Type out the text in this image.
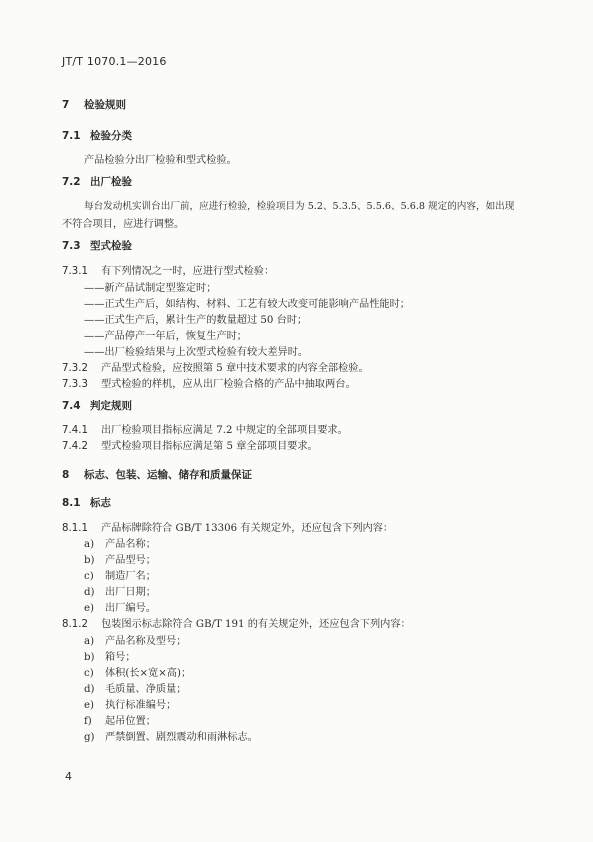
JT/T 1070.1—2016
7 检验规则
7.1 检验分类
产品检验分出厂检验和型式检验。
7.2 出厂检验
每台发动机实训台出厂前，应进行检验，检验项目为 5.2、5.3.5、5.5.6、5.6.8 规定的内容，如出现
不符合项目，应进行调整。
7.3 型式检验
7.3.1 有下列情况之一时，应进行型式检验：
——新产品试制定型鉴定时；
——正式生产后，如结构、材料、工艺有较大改变可能影响产品性能时；
——正式生产后，累计生产的数量超过 50 台时；
——产品停产一年后，恢复生产时；
——出厂检验结果与上次型式检验有较大差异时。
7.3.2 产品型式检验，应按照第 5 章中技术要求的内容全部检验。
7.3.3 型式检验的样机，应从出厂检验合格的产品中抽取两台。
7.4 判定规则
7.4.1 出厂检验项目指标应满足 7.2 中规定的全部项目要求。
7.4.2 型式检验项目指标应满足第 5 章全部项目要求。
8 标志、包装、运输、储存和质量保证
8.1 标志
8.1.1 产品标牌除符合 GB/T 13306 有关规定外，还应包含下列内容：
a) 产品名称；
b) 产品型号；
c) 制造厂名；
d) 出厂日期；
e) 出厂编号。
8.1.2 包装图示标志除符合 GB/T 191 的有关规定外，还应包含下列内容：
a) 产品名称及型号；
b) 箱号；
c) 体积(长×宽×高)；
d) 毛质量、净质量；
e) 执行标准编号；
f) 起吊位置；
g) 严禁倒置、剧烈震动和雨淋标志。
4
